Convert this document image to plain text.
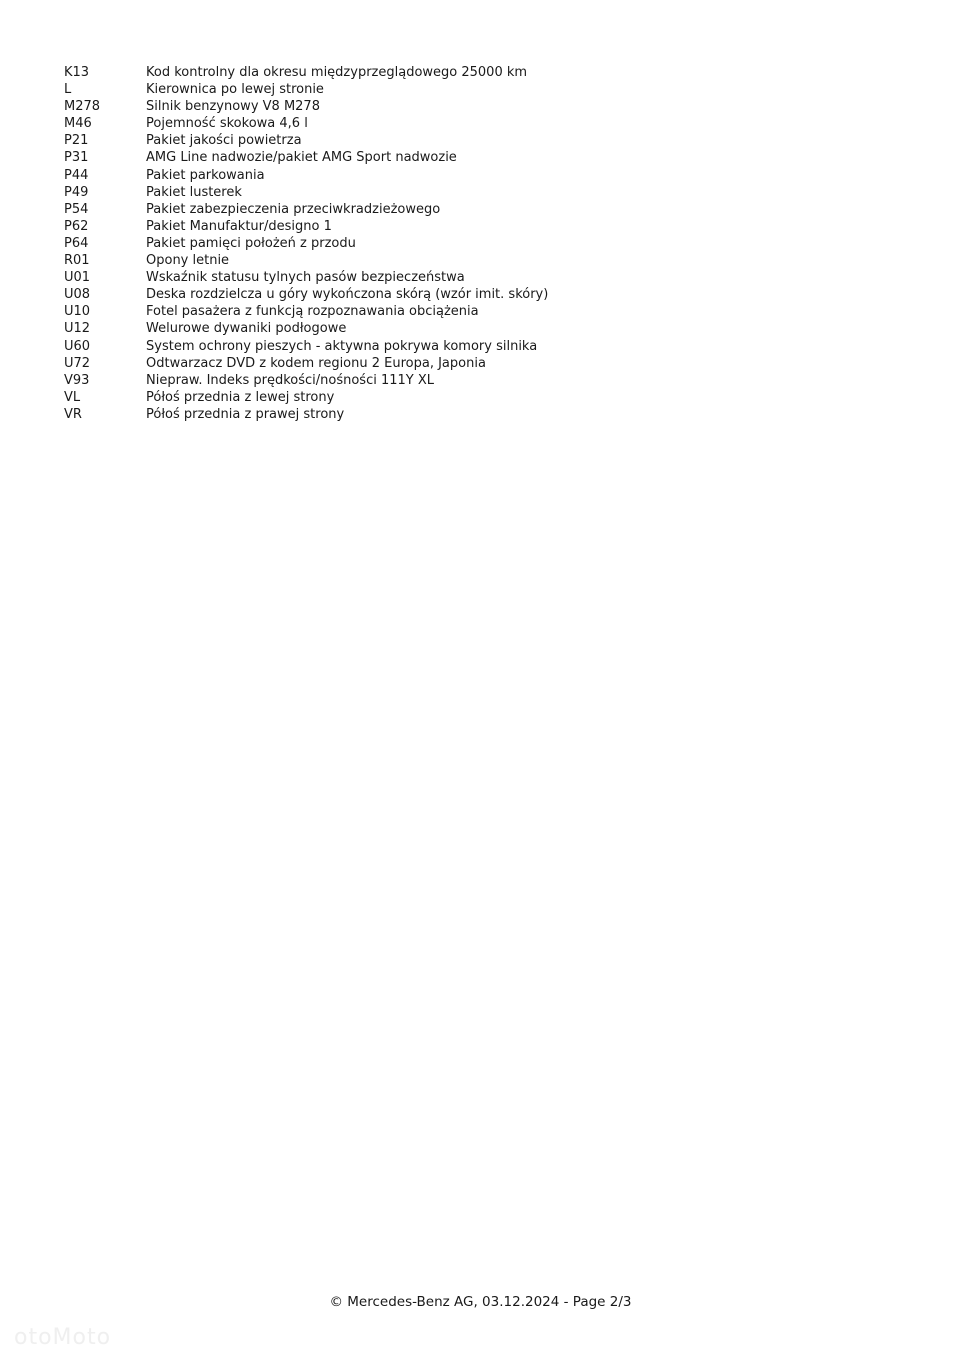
K13	Kod kontrolny dla okresu międzyprzeglądowego 25000 km
L	Kierownica po lewej stronie
M278	Silnik benzynowy V8 M278
M46	Pojemność skokowa 4,6 l
P21	Pakiet jakości powietrza
P31	AMG Line nadwozie/pakiet AMG Sport nadwozie
P44	Pakiet parkowania
P49	Pakiet lusterek
P54	Pakiet zabezpieczenia przeciwkradzieżowego
P62	Pakiet Manufaktur/designo 1
P64	Pakiet pamięci położeń z przodu
R01	Opony letnie
U01	Wskaźnik statusu tylnych pasów bezpieczeństwa
U08	Deska rozdzielcza u góry wykończona skórą (wzór imit. skóry)
U10	Fotel pasażera z funkcją rozpoznawania obciążenia
U12	Welurowe dywaniki podłogowe
U60	System ochrony pieszych - aktywna pokrywa komory silnika
U72	Odtwarzacz DVD z kodem regionu 2 Europa, Japonia
V93	Niepraw. Indeks prędkości/nośności 111Y XL
VL	Półoś przednia z lewej strony
VR	Półoś przednia z prawej strony
© Mercedes-Benz AG, 03.12.2024 - Page 2/3
otoMoto
